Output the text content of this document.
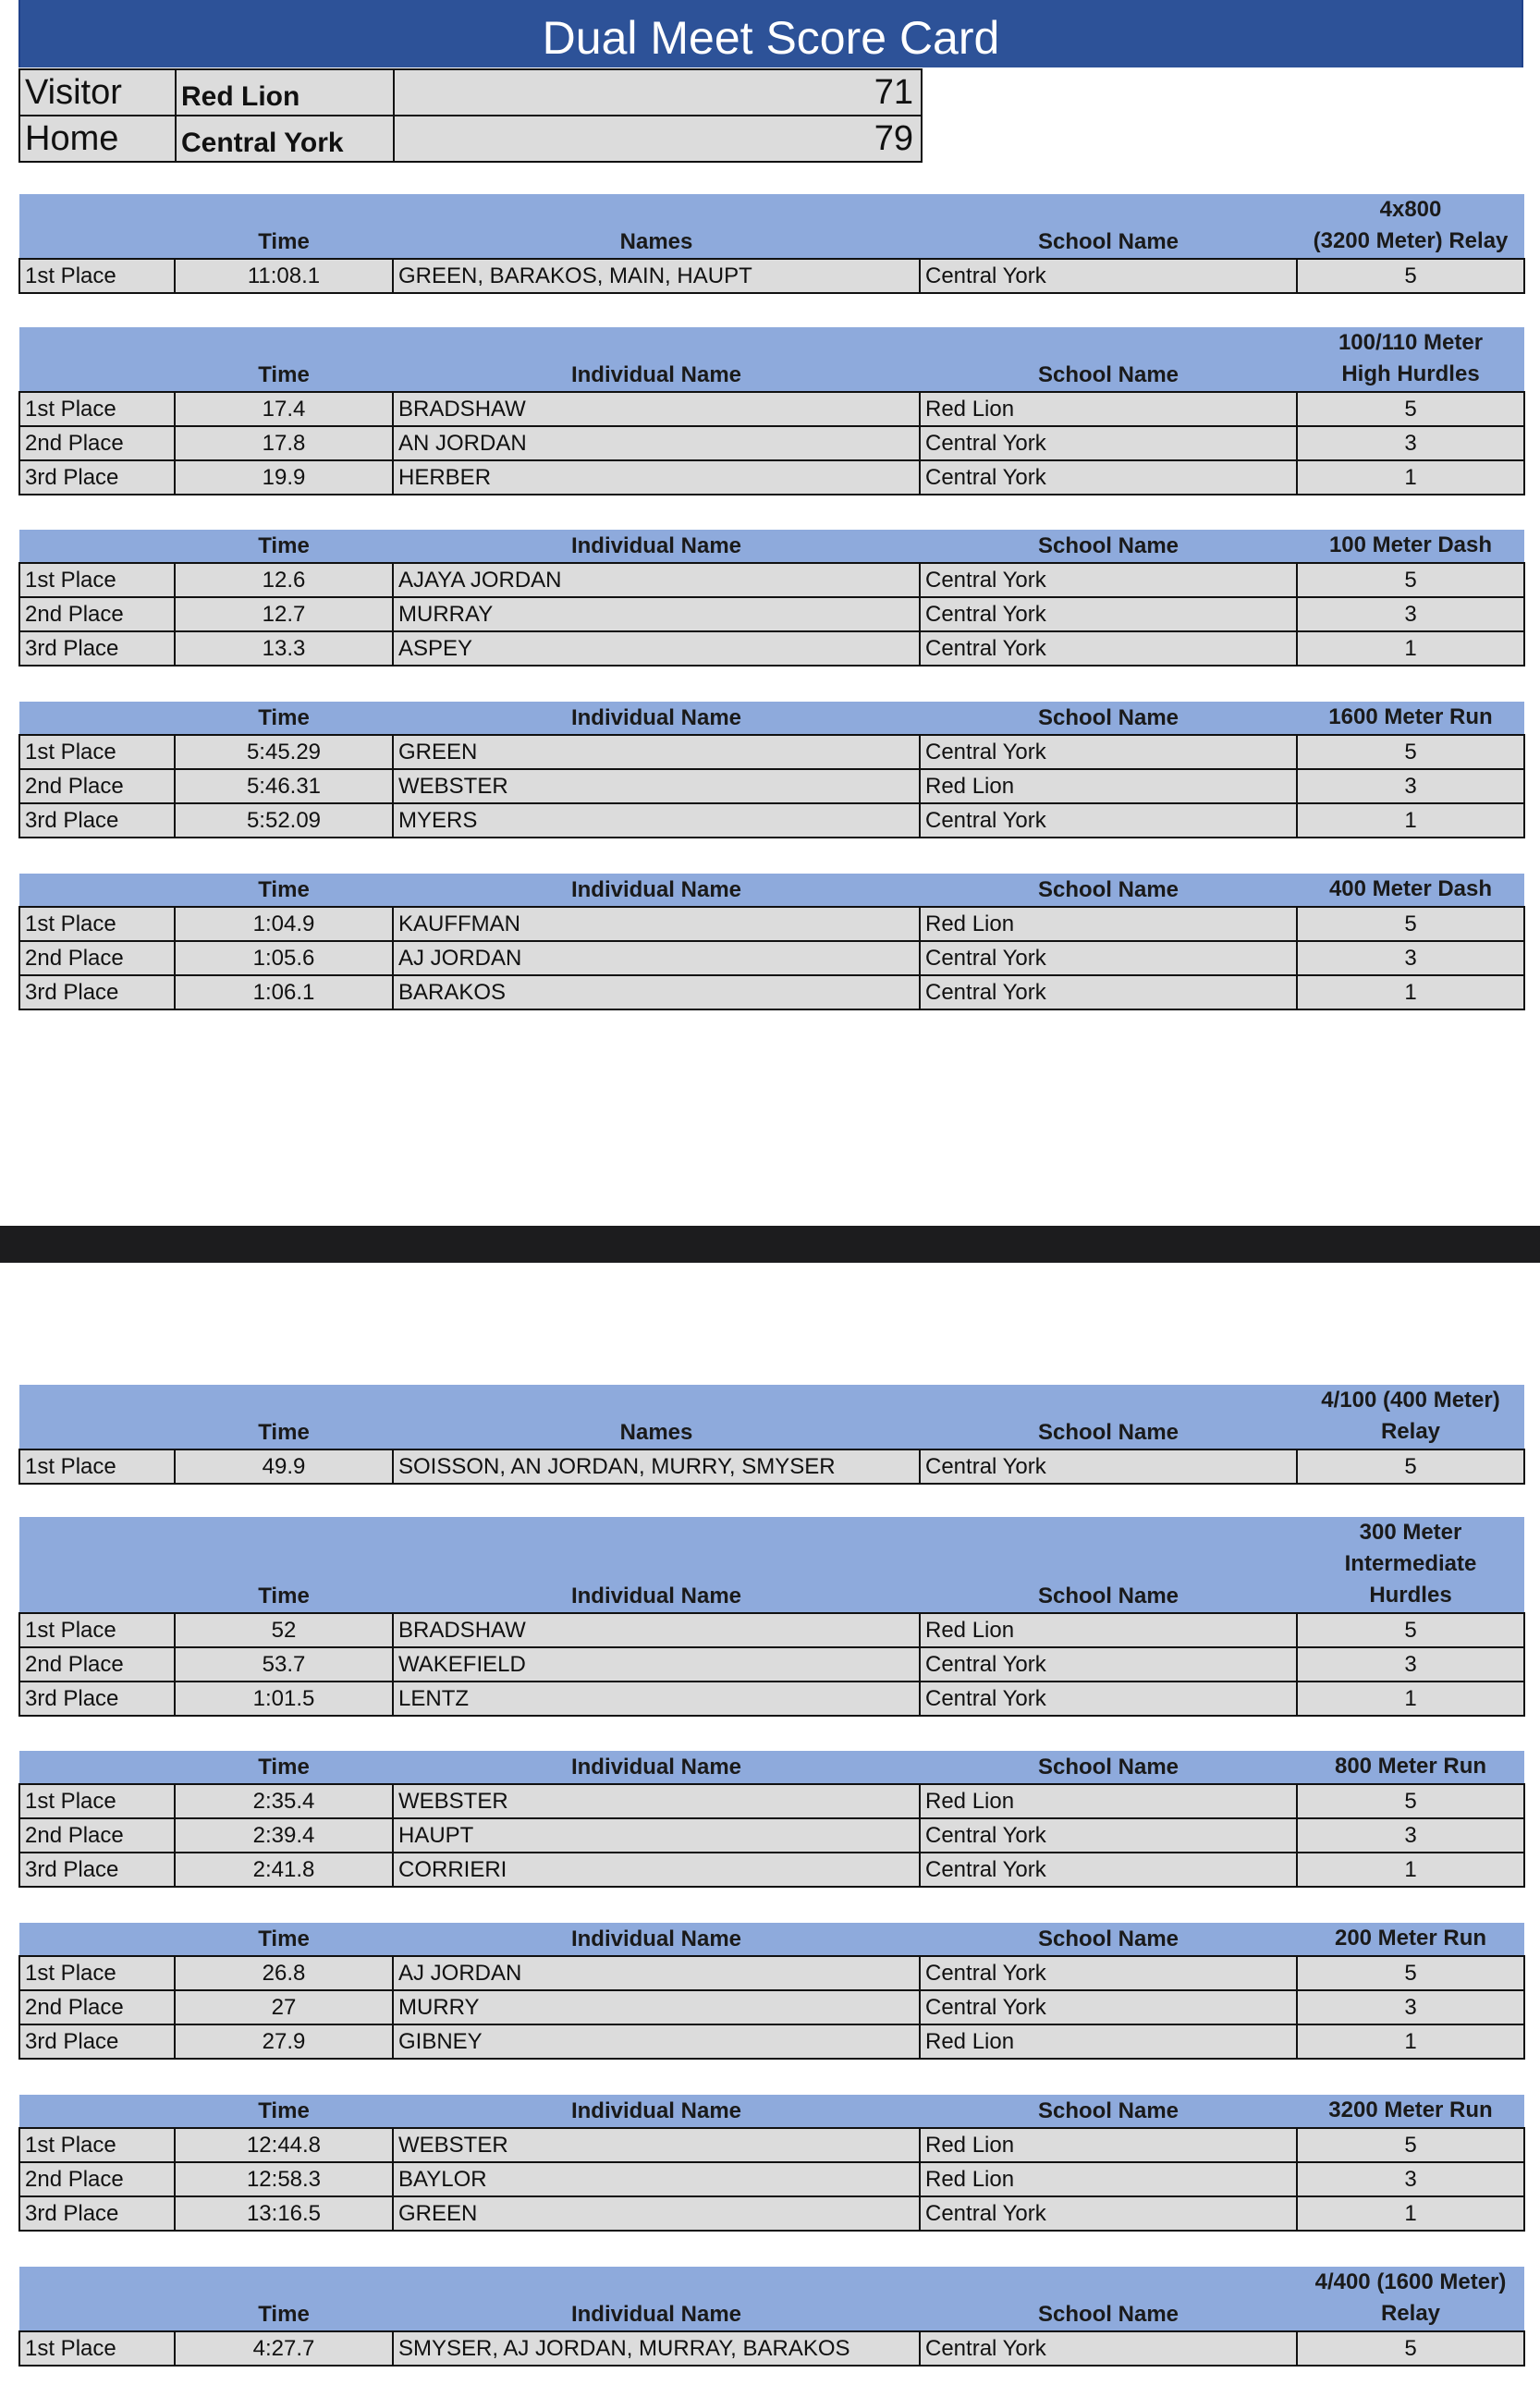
Dual Meet Score Card
Visitor	Red Lion	71
Home	Central York	79
	Time	Names	School Name	4x800
(3200 Meter) Relay

1st Place	11:08.1	GREEN, BARAKOS, MAIN, HAUPT	Central York	5
	Time	Individual Name	School Name	100/110 Meter
High Hurdles

1st Place	17.4	BRADSHAW	Red Lion	5
2nd Place	17.8	AN JORDAN	Central York	3
3rd Place	19.9	HERBER	Central York	1
	Time	Individual Name	School Name	100 Meter Dash

1st Place	12.6	AJAYA JORDAN	Central York	5
2nd Place	12.7	MURRAY	Central York	3
3rd Place	13.3	ASPEY	Central York	1
	Time	Individual Name	School Name	1600 Meter Run

1st Place	5:45.29	GREEN	Central York	5
2nd Place	5:46.31	WEBSTER	Red Lion	3
3rd Place	5:52.09	MYERS	Central York	1
	Time	Individual Name	School Name	400 Meter Dash

1st Place	1:04.9	KAUFFMAN	Red Lion	5
2nd Place	1:05.6	AJ JORDAN	Central York	3
3rd Place	1:06.1	BARAKOS	Central York	1
	Time	Names	School Name	4/100 (400 Meter)
Relay

1st Place	49.9	SOISSON, AN JORDAN, MURRY, SMYSER	Central York	5
	Time	Individual Name	School Name	300 Meter
Intermediate
Hurdles

1st Place	52	BRADSHAW	Red Lion	5
2nd Place	53.7	WAKEFIELD	Central York	3
3rd Place	1:01.5	LENTZ	Central York	1
	Time	Individual Name	School Name	800 Meter Run

1st Place	2:35.4	WEBSTER	Red Lion	5
2nd Place	2:39.4	HAUPT	Central York	3
3rd Place	2:41.8	CORRIERI	Central York	1
	Time	Individual Name	School Name	200 Meter Run

1st Place	26.8	AJ JORDAN	Central York	5
2nd Place	27	MURRY	Central York	3
3rd Place	27.9	GIBNEY	Red Lion	1
	Time	Individual Name	School Name	3200 Meter Run

1st Place	12:44.8	WEBSTER	Red Lion	5
2nd Place	12:58.3	BAYLOR	Red Lion	3
3rd Place	13:16.5	GREEN	Central York	1
	Time	Individual Name	School Name	4/400 (1600 Meter)
Relay

1st Place	4:27.7	SMYSER, AJ JORDAN, MURRAY, BARAKOS	Central York	5
